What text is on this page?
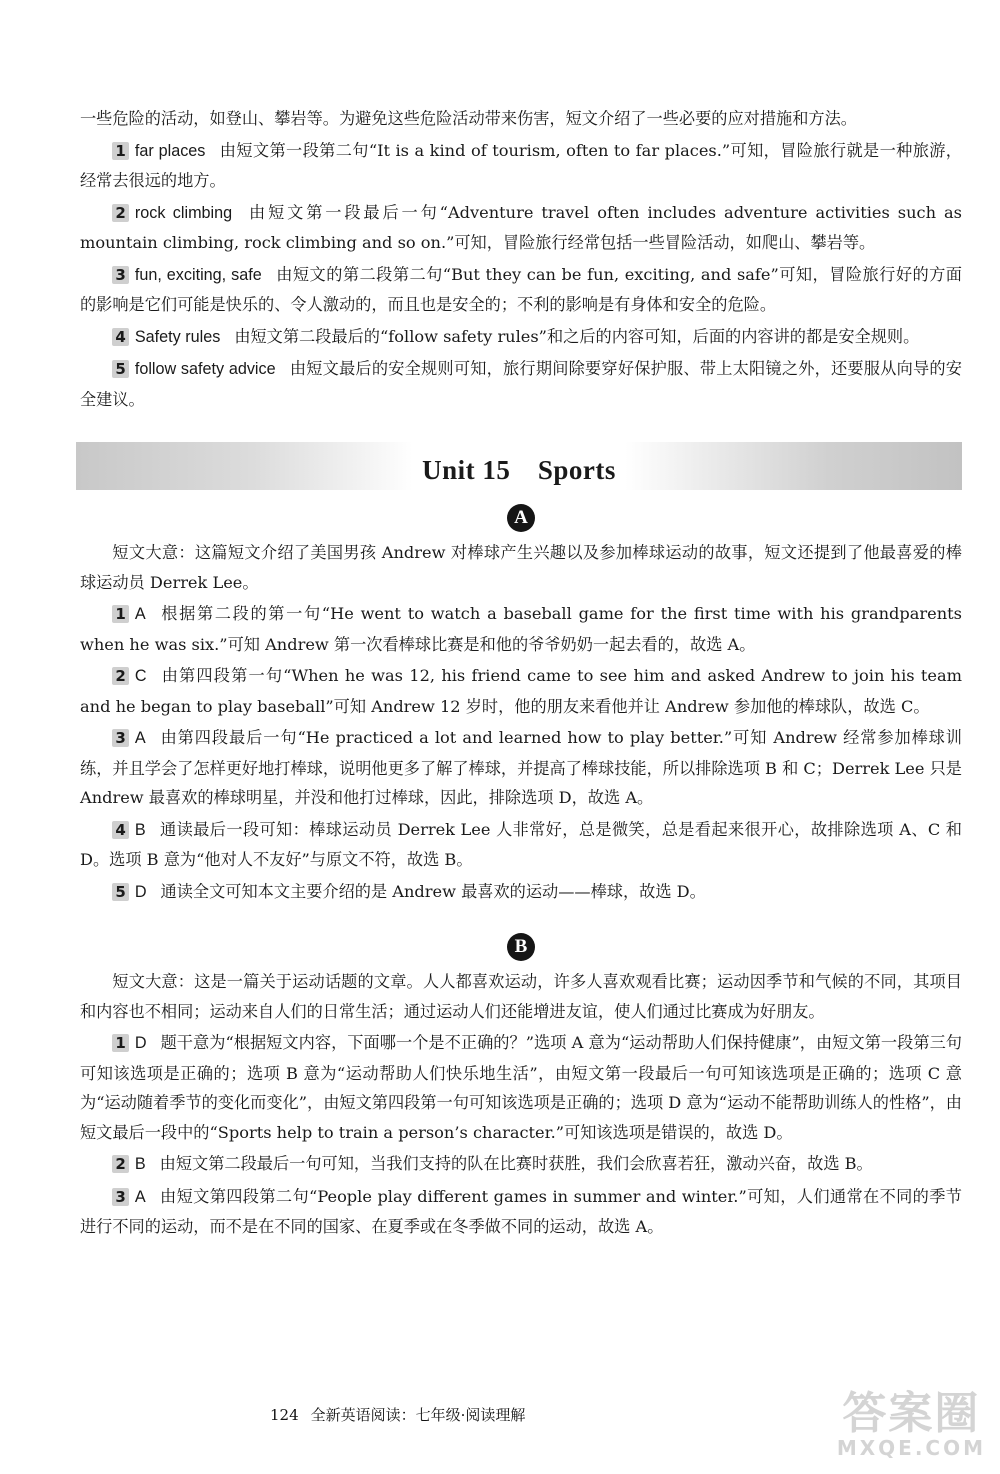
一些危险的活动，如登山、攀岩等。为避免这些危险活动带来伤害，短文介绍了一些必要的应对措施和方法。

1 far places 由短文第一段第二句“It is a kind of tourism, often to far places.”可知，冒险旅行就是一种旅游，经常去很远的地方。

2 rock climbing 由短文第一段最后一句“Adventure travel often includes adventure activities such as mountain climbing, rock climbing and so on.”可知，冒险旅行经常包括一些冒险活动，如爬山、攀岩等。

3 fun, exciting, safe 由短文的第二段第二句“But they can be fun, exciting, and safe”可知，冒险旅行好的方面的影响是它们可能是快乐的、令人激动的，而且也是安全的；不利的影响是有身体和安全的危险。

4 Safety rules 由短文第二段最后的“follow safety rules”和之后的内容可知，后面的内容讲的都是安全规则。

5 follow safety advice 由短文最后的安全规则可知，旅行期间除要穿好保护服、带上太阳镜之外，还要服从向导的安全建议。

Unit 15　Sports
A

短文大意：这篇短文介绍了美国男孩 Andrew 对棒球产生兴趣以及参加棒球运动的故事，短文还提到了他最喜爱的棒球运动员 Derrek Lee。

1 A 根据第二段的第一句“He went to watch a baseball game for the first time with his grandparents when he was six.”可知 Andrew 第一次看棒球比赛是和他的爷爷奶奶一起去看的，故选 A。

2 C 由第四段第一句“When he was 12, his friend came to see him and asked Andrew to join his team and he began to play baseball”可知 Andrew 12 岁时，他的朋友来看他并让 Andrew 参加他的棒球队，故选 C。

3 A 由第四段最后一句“He practiced a lot and learned how to play better.”可知 Andrew 经常参加棒球训练，并且学会了怎样更好地打棒球，说明他更多了解了棒球，并提高了棒球技能，所以排除选项 B 和 C；Derrek Lee 只是 Andrew 最喜欢的棒球明星，并没和他打过棒球，因此，排除选项 D，故选 A。

4 B 通读最后一段可知：棒球运动员 Derrek Lee 人非常好，总是微笑，总是看起来很开心，故排除选项 A、C 和 D。选项 B 意为“他对人不友好”与原文不符，故选 B。

5 D 通读全文可知本文主要介绍的是 Andrew 最喜欢的运动——棒球，故选 D。

B

短文大意：这是一篇关于运动话题的文章。人人都喜欢运动，许多人喜欢观看比赛；运动因季节和气候的不同，其项目和内容也不相同；运动来自人们的日常生活；通过运动人们还能增进友谊，使人们通过比赛成为好朋友。

1 D 题干意为“根据短文内容，下面哪一个是不正确的？”选项 A 意为“运动帮助人们保持健康”，由短文第一段第三句可知该选项是正确的；选项 B 意为“运动帮助人们快乐地生活”，由短文第一段最后一句可知该选项是正确的；选项 C 意为“运动随着季节的变化而变化”，由短文第四段第一句可知该选项是正确的；选项 D 意为“运动不能帮助训练人的性格”，由短文最后一段中的“Sports help to train a person’s character.”可知该选项是错误的，故选 D。

2 B 由短文第二段最后一句可知，当我们支持的队在比赛时获胜，我们会欣喜若狂，激动兴奋，故选 B。

3 A 由短文第四段第二句“People play different games in summer and winter.”可知，人们通常在不同的季节进行不同的运动，而不是在不同的国家、在夏季或在冬季做不同的运动，故选 A。

124 全新英语阅读：七年级·阅读理解	答案圈
MXQE.COM
